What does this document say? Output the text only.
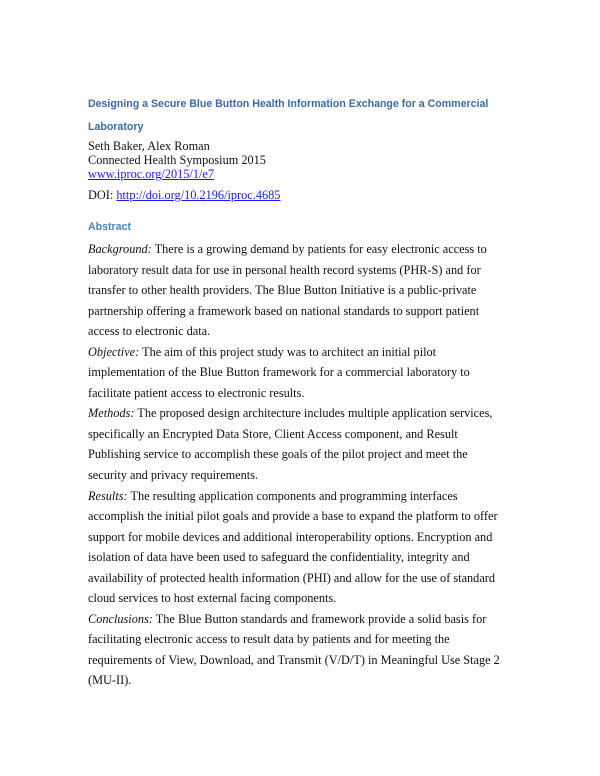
Designing a Secure Blue Button Health Information Exchange for a Commercial
Laboratory
Seth Baker, Alex Roman
Connected Health Symposium 2015
www.iproc.org/2015/1/e7
DOI: http://doi.org/10.2196/iproc.4685
Abstract
Background: There is a growing demand by patients for easy electronic access to
laboratory result data for use in personal health record systems (PHR-S) and for
transfer to other health providers. The Blue Button Initiative is a public-private
partnership offering a framework based on national standards to support patient
access to electronic data.
Objective: The aim of this project study was to architect an initial pilot
implementation of the Blue Button framework for a commercial laboratory to
facilitate patient access to electronic results.
Methods: The proposed design architecture includes multiple application services,
specifically an Encrypted Data Store, Client Access component, and Result
Publishing service to accomplish these goals of the pilot project and meet the
security and privacy requirements.
Results: The resulting application components and programming interfaces
accomplish the initial pilot goals and provide a base to expand the platform to offer
support for mobile devices and additional interoperability options. Encryption and
isolation of data have been used to safeguard the confidentiality, integrity and
availability of protected health information (PHI) and allow for the use of standard
cloud services to host external facing components.
Conclusions: The Blue Button standards and framework provide a solid basis for
facilitating electronic access to result data by patients and for meeting the
requirements of View, Download, and Transmit (V/D/T) in Meaningful Use Stage 2
(MU-II).
